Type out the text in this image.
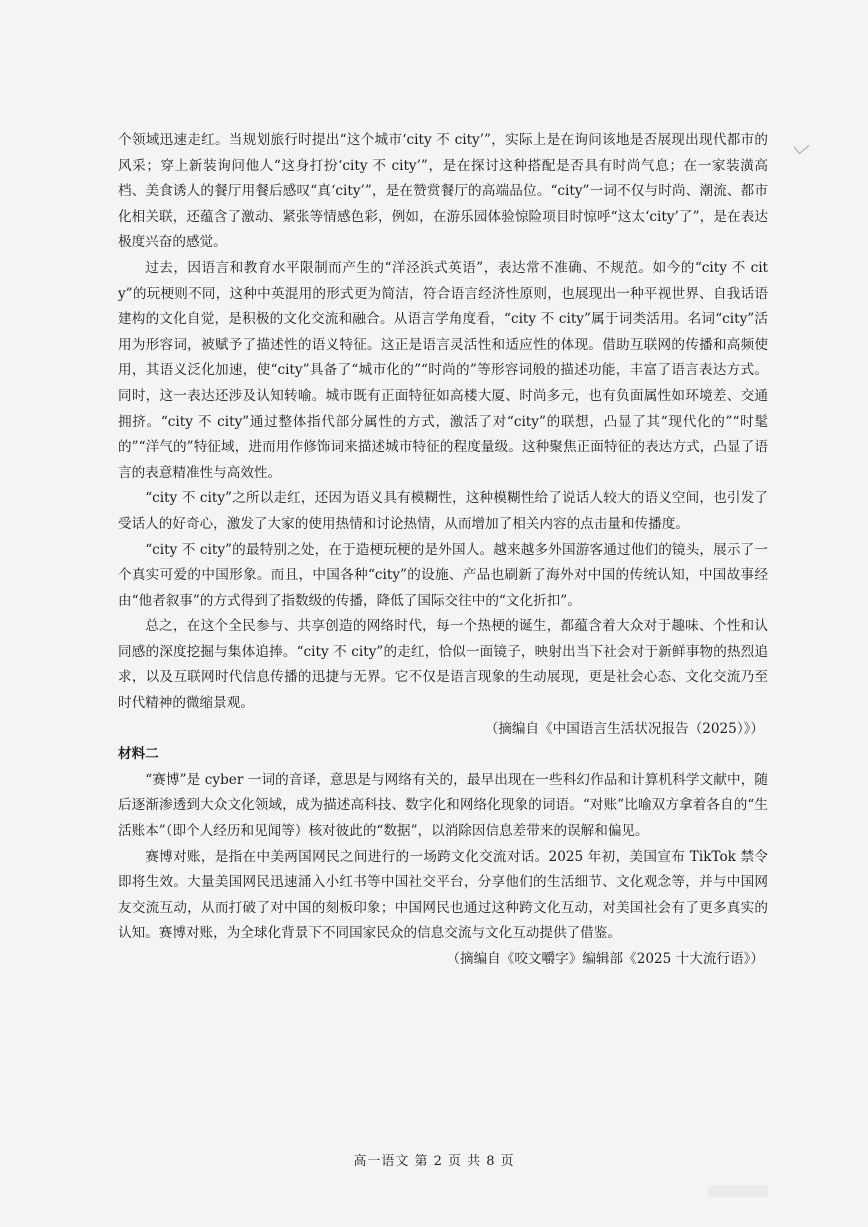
个领域迅速走红。当规划旅行时提出“这个城市‘city 不 city’”，实际上是在询问该地是否展现出现代都市的风采；穿上新装询问他人“这身打扮‘city 不 city’”，是在探讨这种搭配是否具有时尚气息；在一家装潢高档、美食诱人的餐厅用餐后感叹“真‘city’”，是在赞赏餐厅的高端品位。“city”一词不仅与时尚、潮流、都市化相关联，还蕴含了激动、紧张等情感色彩，例如，在游乐园体验惊险项目时惊呼“这太‘city’了”，是在表达极度兴奋的感觉。

过去，因语言和教育水平限制而产生的“洋泾浜式英语”，表达常不准确、不规范。如今的“city 不 city”的玩梗则不同，这种中英混用的形式更为简洁，符合语言经济性原则，也展现出一种平视世界、自我话语建构的文化自觉，是积极的文化交流和融合。从语言学角度看，“city 不 city”属于词类活用。名词“city”活用为形容词，被赋予了描述性的语义特征。这正是语言灵活性和适应性的体现。借助互联网的传播和高频使用，其语义泛化加速，使“city”具备了“城市化的”“时尚的”等形容词般的描述功能，丰富了语言表达方式。同时，这一表达还涉及认知转喻。城市既有正面特征如高楼大厦、时尚多元，也有负面属性如环境差、交通拥挤。“city 不 city”通过整体指代部分属性的方式，激活了对“city”的联想，凸显了其“现代化的”“时髦的”“洋气的”特征域，进而用作修饰词来描述城市特征的程度量级。这种聚焦正面特征的表达方式，凸显了语言的表意精准性与高效性。

“city 不 city”之所以走红，还因为语义具有模糊性，这种模糊性给了说话人较大的语义空间，也引发了受话人的好奇心，激发了大家的使用热情和讨论热情，从而增加了相关内容的点击量和传播度。

“city 不 city”的最特别之处，在于造梗玩梗的是外国人。越来越多外国游客通过他们的镜头，展示了一个真实可爱的中国形象。而且，中国各种“city”的设施、产品也刷新了海外对中国的传统认知，中国故事经由“他者叙事”的方式得到了指数级的传播，降低了国际交往中的“文化折扣”。

总之，在这个全民参与、共享创造的网络时代，每一个热梗的诞生，都蕴含着大众对于趣味、个性和认同感的深度挖掘与集体追捧。“city 不 city”的走红，恰似一面镜子，映射出当下社会对于新鲜事物的热烈追求，以及互联网时代信息传播的迅捷与无界。它不仅是语言现象的生动展现，更是社会心态、文化交流乃至时代精神的微缩景观。

（摘编自《中国语言生活状况报告（2025）》）

材料二

“赛博”是 cyber 一词的音译，意思是与网络有关的，最早出现在一些科幻作品和计算机科学文献中，随后逐渐渗透到大众文化领域，成为描述高科技、数字化和网络化现象的词语。“对账”比喻双方拿着各自的“生活账本”（即个人经历和见闻等）核对彼此的“数据”，以消除因信息差带来的误解和偏见。

赛博对账，是指在中美两国网民之间进行的一场跨文化交流对话。2025 年初，美国宣布 TikTok 禁令即将生效。大量美国网民迅速涌入小红书等中国社交平台，分享他们的生活细节、文化观念等，并与中国网友交流互动，从而打破了对中国的刻板印象；中国网民也通过这种跨文化互动，对美国社会有了更多真实的认知。赛博对账，为全球化背景下不同国家民众的信息交流与文化互动提供了借鉴。

（摘编自《咬文嚼字》编辑部《2025 十大流行语》）

高一语文 第 2 页 共 8 页
